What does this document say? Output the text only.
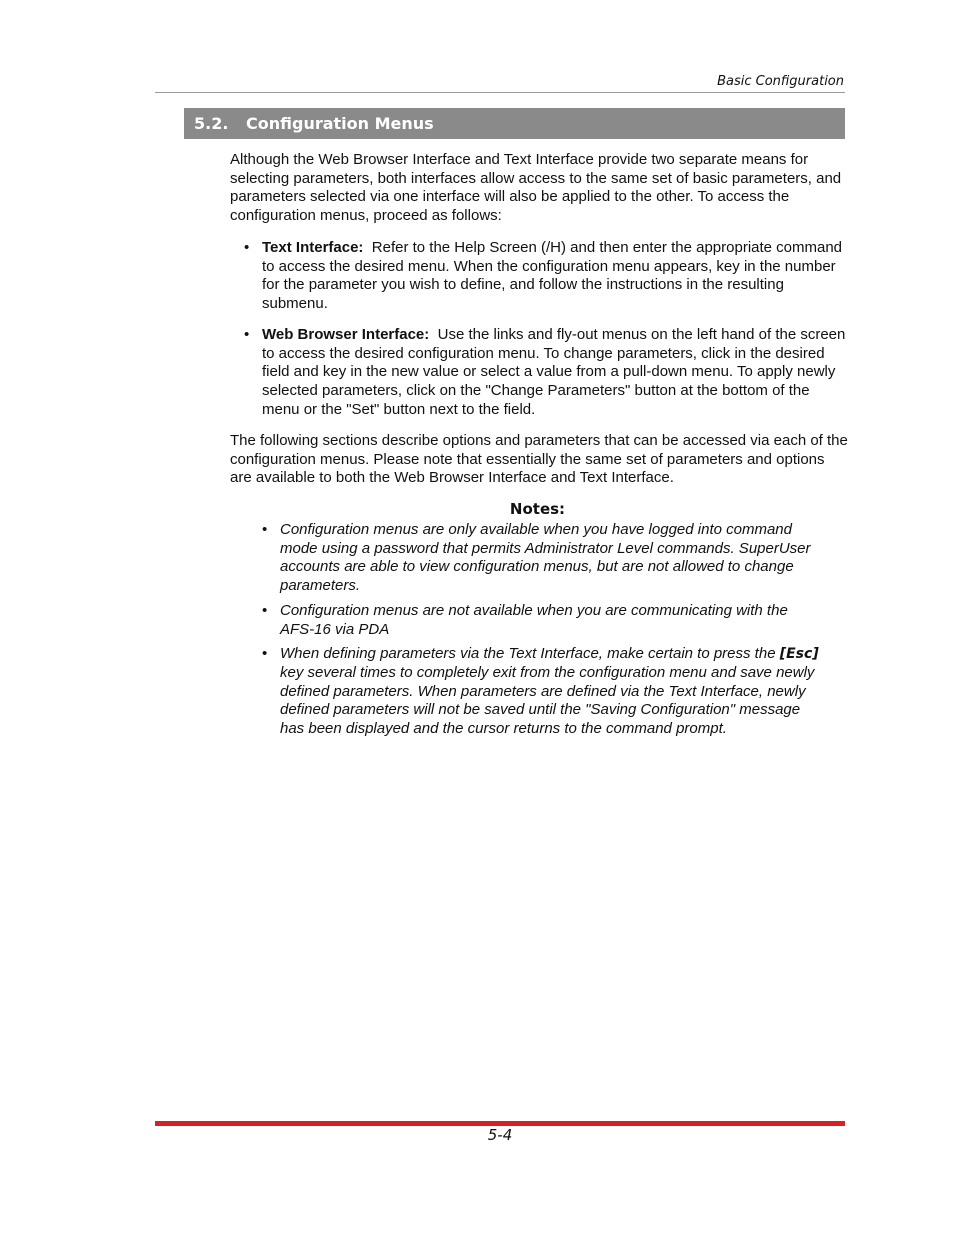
Basic Configuration
5.2.	Configuration Menus

Although the Web Browser Interface and Text Interface provide two separate means for selecting parameters, both interfaces allow access to the same set of basic parameters, and parameters selected via one interface will also be applied to the other. To access the configuration menus, proceed as follows:

• Text Interface: Refer to the Help Screen (/H) and then enter the appropriate command to access the desired menu. When the configuration menu appears, key in the number for the parameter you wish to define, and follow the instructions in the resulting submenu.
• Web Browser Interface: Use the links and fly-out menus on the left hand of the screen to access the desired configuration menu. To change parameters, click in the desired field and key in the new value or select a value from a pull-down menu. To apply newly selected parameters, click on the "Change Parameters" button at the bottom of the menu or the "Set" button next to the field.

The following sections describe options and parameters that can be accessed via each of the configuration menus. Please note that essentially the same set of parameters and options are available to both the Web Browser Interface and Text Interface.

Notes:
• Configuration menus are only available when you have logged into command mode using a password that permits Administrator Level commands. SuperUser accounts are able to view configuration menus, but are not allowed to change parameters.
• Configuration menus are not available when you are communicating with the AFS-16 via PDA
• When defining parameters via the Text Interface, make certain to press the [Esc] key several times to completely exit from the configuration menu and save newly defined parameters. When parameters are defined via the Text Interface, newly defined parameters will not be saved until the "Saving Configuration" message has been displayed and the cursor returns to the command prompt.
5-4
